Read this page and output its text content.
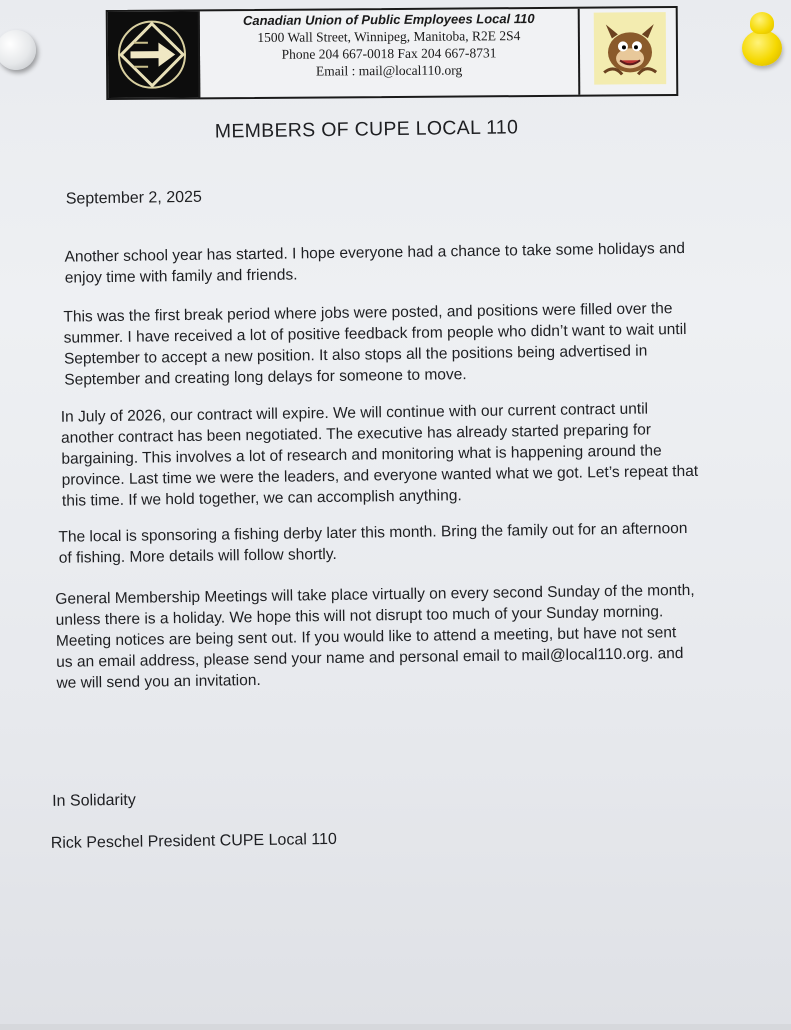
Canadian Union of Public Employees Local 110
1500 Wall Street, Winnipeg, Manitoba, R2E 2S4
Phone 204 667-0018 Fax 204 667-8731
Email : mail@local110.org
MEMBERS OF CUPE LOCAL 110
September 2, 2025
Another school year has started. I hope everyone had a chance to take some holidays and enjoy time with family and friends.
This was the first break period where jobs were posted, and positions were filled over the summer. I have received a lot of positive feedback from people who didn’t want to wait until September to accept a new position. It also stops all the positions being advertised in September and creating long delays for someone to move.
In July of 2026, our contract will expire. We will continue with our current contract until another contract has been negotiated. The executive has already started preparing for bargaining. This involves a lot of research and monitoring what is happening around the province. Last time we were the leaders, and everyone wanted what we got. Let’s repeat that this time. If we hold together, we can accomplish anything.
The local is sponsoring a fishing derby later this month. Bring the family out for an afternoon of fishing. More details will follow shortly.
General Membership Meetings will take place virtually on every second Sunday of the month, unless there is a holiday. We hope this will not disrupt too much of your Sunday morning. Meeting notices are being sent out. If you would like to attend a meeting, but have not sent us an email address, please send your name and personal email to mail@local110.org. and we will send you an invitation.
In Solidarity
Rick Peschel President CUPE Local 110
